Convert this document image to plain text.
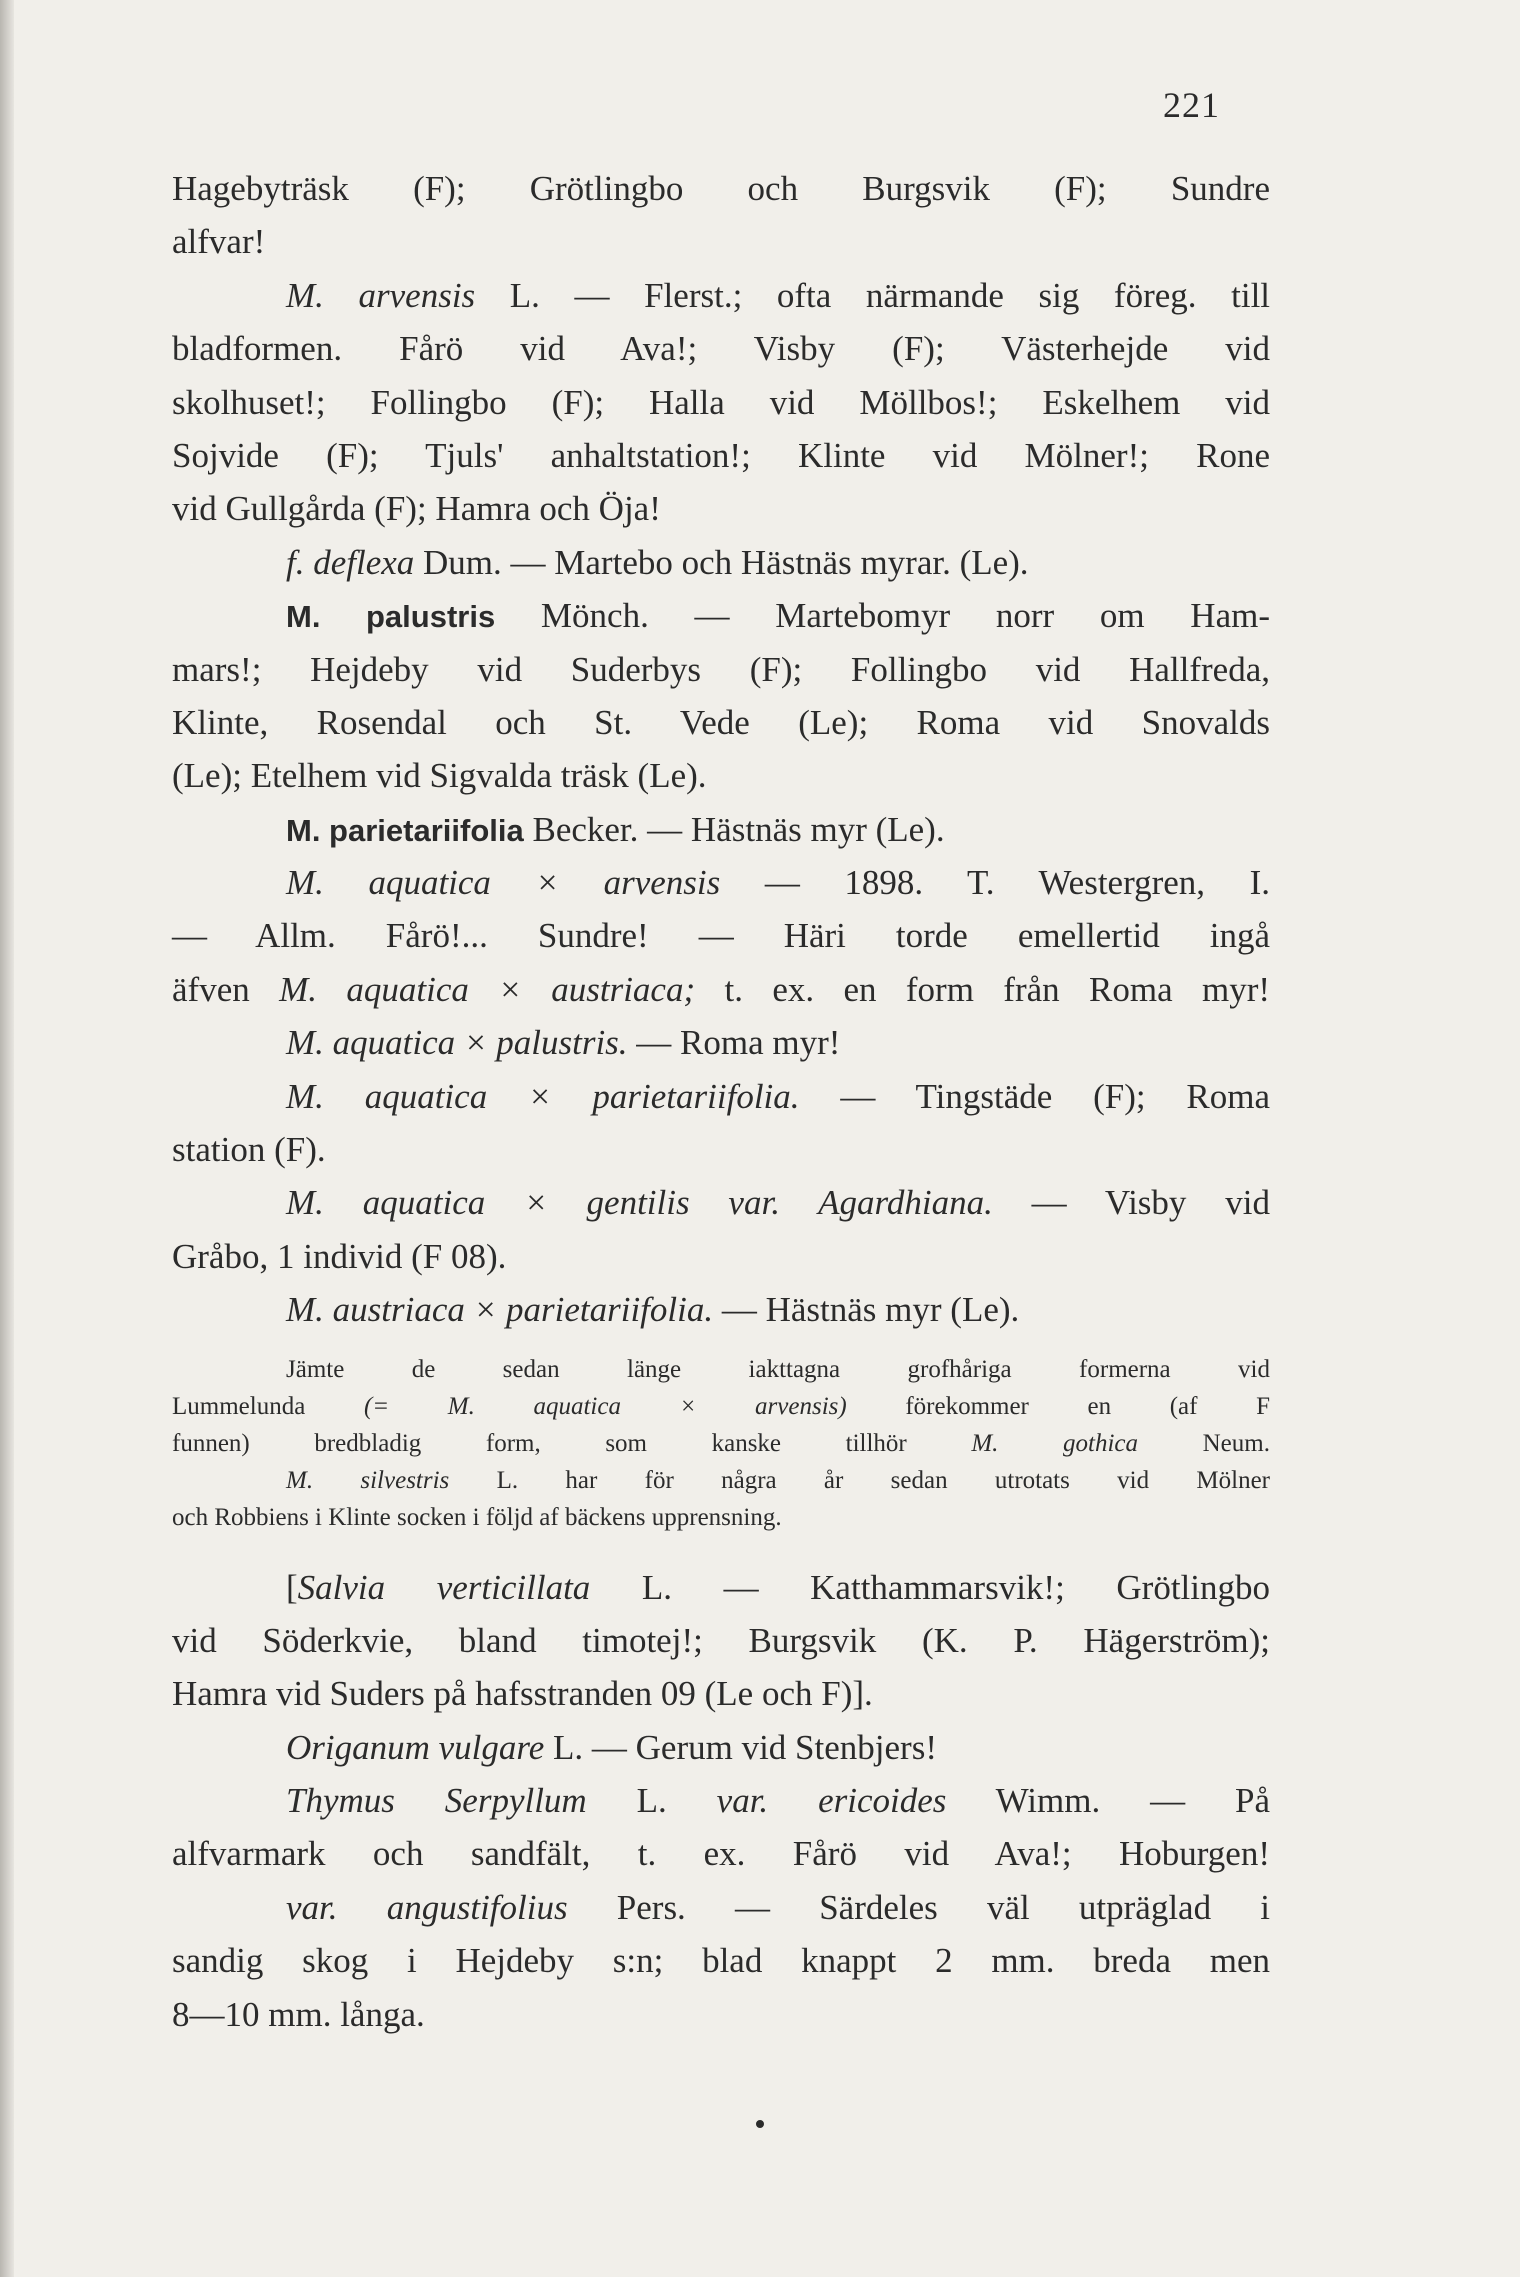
221
Hagebyträsk (F); Grötlingbo och Burgsvik (F); Sundre
alfvar!
M. arvensis L. — Flerst.; ofta närmande sig föreg. till
bladformen. Fårö vid Ava!; Visby (F); Västerhejde vid
skolhuset!; Follingbo (F); Halla vid Möllbos!; Eskelhem vid
Sojvide (F); Tjuls' anhaltstation!; Klinte vid Mölner!; Rone
vid Gullgårda (F); Hamra och Öja!
f. deflexa Dum. — Martebo och Hästnäs myrar. (Le).
M. palustris Mönch. — Martebomyr norr om Ham-
mars!; Hejdeby vid Suderbys (F); Follingbo vid Hallfreda,
Klinte, Rosendal och St. Vede (Le); Roma vid Snovalds
(Le); Etelhem vid Sigvalda träsk (Le).
M. parietariifolia Becker. — Hästnäs myr (Le).
M. aquatica × arvensis — 1898. T. Westergren, I.
— Allm. Fårö!... Sundre! — Häri torde emellertid ingå
äfven M. aquatica × austriaca; t. ex. en form från Roma myr!
M. aquatica × palustris. — Roma myr!
M. aquatica × parietariifolia. — Tingstäde (F); Roma
station (F).
M. aquatica × gentilis var. Agardhiana. — Visby vid
Gråbo, 1 individ (F 08).
M. austriaca × parietariifolia. — Hästnäs myr (Le).
Jämte de sedan länge iakttagna grofhåriga formerna vid
Lummelunda (= M. aquatica × arvensis) förekommer en (af F
funnen) bredbladig form, som kanske tillhör M. gothica Neum.
M. silvestris L. har för några år sedan utrotats vid Mölner
och Robbiens i Klinte socken i följd af bäckens upprensning.
[Salvia verticillata L. — Katthammarsvik!; Grötlingbo
vid Söderkvie, bland timotej!; Burgsvik (K. P. Hägerström);
Hamra vid Suders på hafsstranden 09 (Le och F)].
Origanum vulgare L. — Gerum vid Stenbjers!
Thymus Serpyllum L. var. ericoides Wimm. — På
alfvarmark och sandfält, t. ex. Fårö vid Ava!; Hoburgen!
var. angustifolius Pers. — Särdeles väl utpräglad i
sandig skog i Hejdeby s:n; blad knappt 2 mm. breda men
8—10 mm. långa.
